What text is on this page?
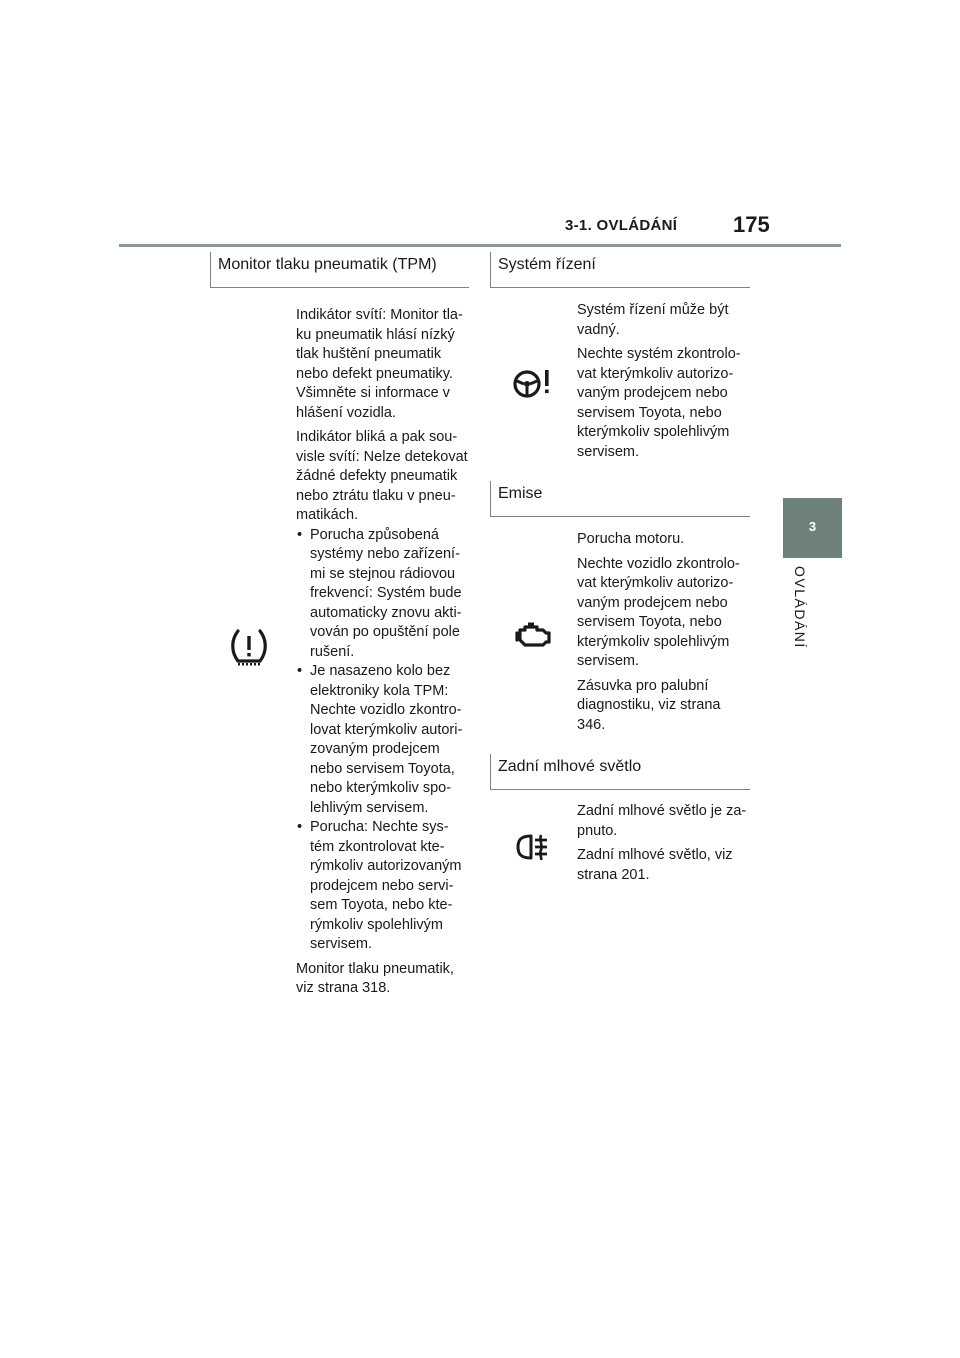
3-1. OVLÁDÁNÍ	175
3
OVLÁDÁNÍ
Monitor tlaku pneumatik (TPM)

Indikátor svítí: Monitor tla-ku pneumatik hlásí nízký tlak huštění pneumatik nebo defekt pneumatiky. Všimněte si informace v hlášení vozidla.

Indikátor bliká a pak sou-visle svítí: Nelze detekovat žádné defekty pneumatik nebo ztrátu tlaku v pneu-matikách.

• Porucha způsobená systémy nebo zařízení-mi se stejnou rádiovou frekvencí: Systém bude automaticky znovu akti-vován po opuštění pole rušení.
• Je nasazeno kolo bez elektroniky kola TPM: Nechte vozidlo zkontro-lovat kterýmkoliv autori-zovaným prodejcem nebo servisem Toyota, nebo kterýmkoliv spo-lehlivým servisem.
• Porucha: Nechte sys-tém zkontrolovat kte-rýmkoliv autorizovaným prodejcem nebo servi-sem Toyota, nebo kte-rýmkoliv spolehlivým servisem.

Monitor tlaku pneumatik, viz strana 318.

Systém řízení

Systém řízení může být vadný.

Nechte systém zkontrolo-vat kterýmkoliv autorizo-vaným prodejcem nebo servisem Toyota, nebo kterýmkoliv spolehlivým servisem.

Emise

Porucha motoru.

Nechte vozidlo zkontrolo-vat kterýmkoliv autorizo-vaným prodejcem nebo servisem Toyota, nebo kterýmkoliv spolehlivým servisem.

Zásuvka pro palubní diagnostiku, viz strana 346.

Zadní mlhové světlo

Zadní mlhové světlo je za-pnuto.

Zadní mlhové světlo, viz strana 201.
